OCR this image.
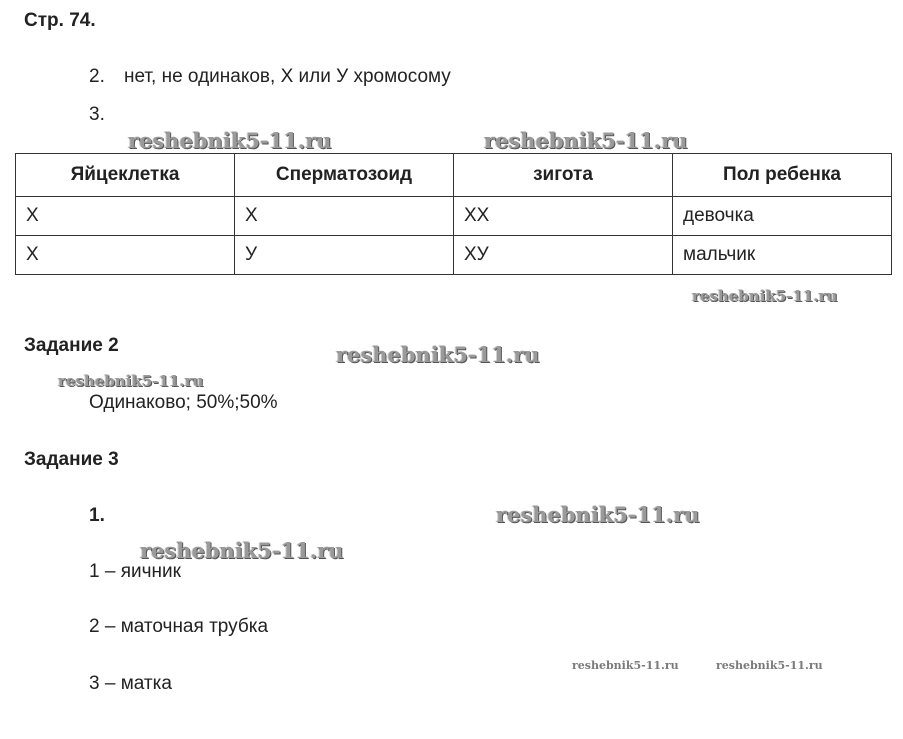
Стр. 74.
2. нет, не одинаков, Х или У хромосому
3.
reshebnik5-11.ru	reshebnik5-11.ru
Яйцеклетка	Сперматозоид	зигота	Пол ребенка
Х	Х	ХХ	девочка
Х	У	ХУ	мальчик
reshebnik5-11.ru
Задание 2	reshebnik5-11.ru
reshebnik5-11.ru
Одинаково; 50%;50%
Задание 3
1.	reshebnik5-11.ru
reshebnik5-11.ru
1 – яичник
2 – маточная трубка
reshebnik5-11.ru	reshebnik5-11.ru
3 – матка
